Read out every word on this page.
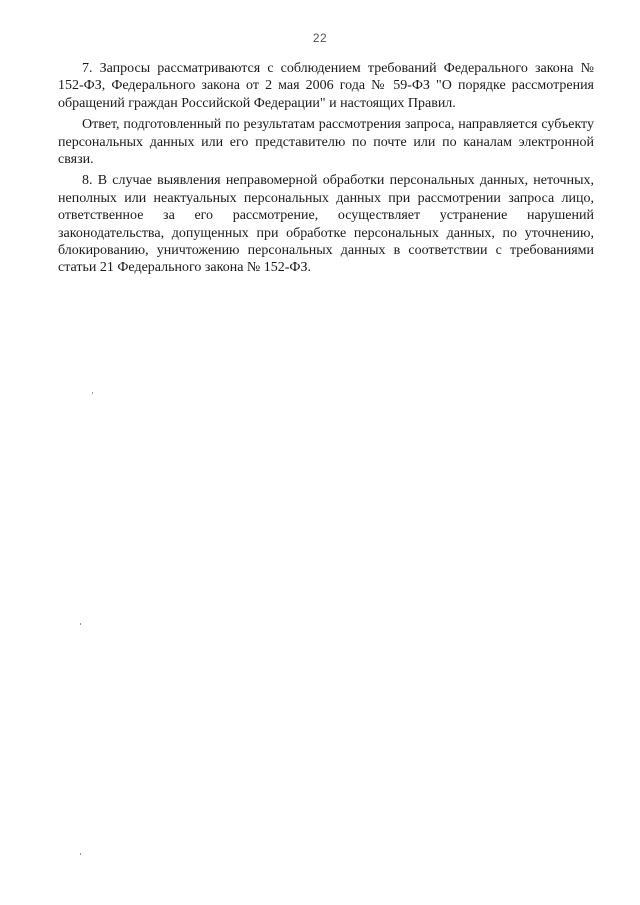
22

7. Запросы рассматриваются с соблюдением требований Федерального закона № 152-ФЗ, Федерального закона от 2 мая 2006 года № 59-ФЗ "О порядке рассмотрения обращений граждан Российской Федерации" и настоящих Правил.

Ответ, подготовленный по результатам рассмотрения запроса, направляется субъекту персональных данных или его представителю по почте или по каналам электронной связи.

8. В случае выявления неправомерной обработки персональных данных, неточных, неполных или неактуальных персональных данных при рассмотрении запроса лицо, ответственное за его рассмотрение, осуществляет устранение нарушений законодательства, допущенных при обработке персональных данных, по уточнению, блокированию, уничтожению персональных данных в соответствии с требованиями статьи 21 Федерального закона № 152-ФЗ.
